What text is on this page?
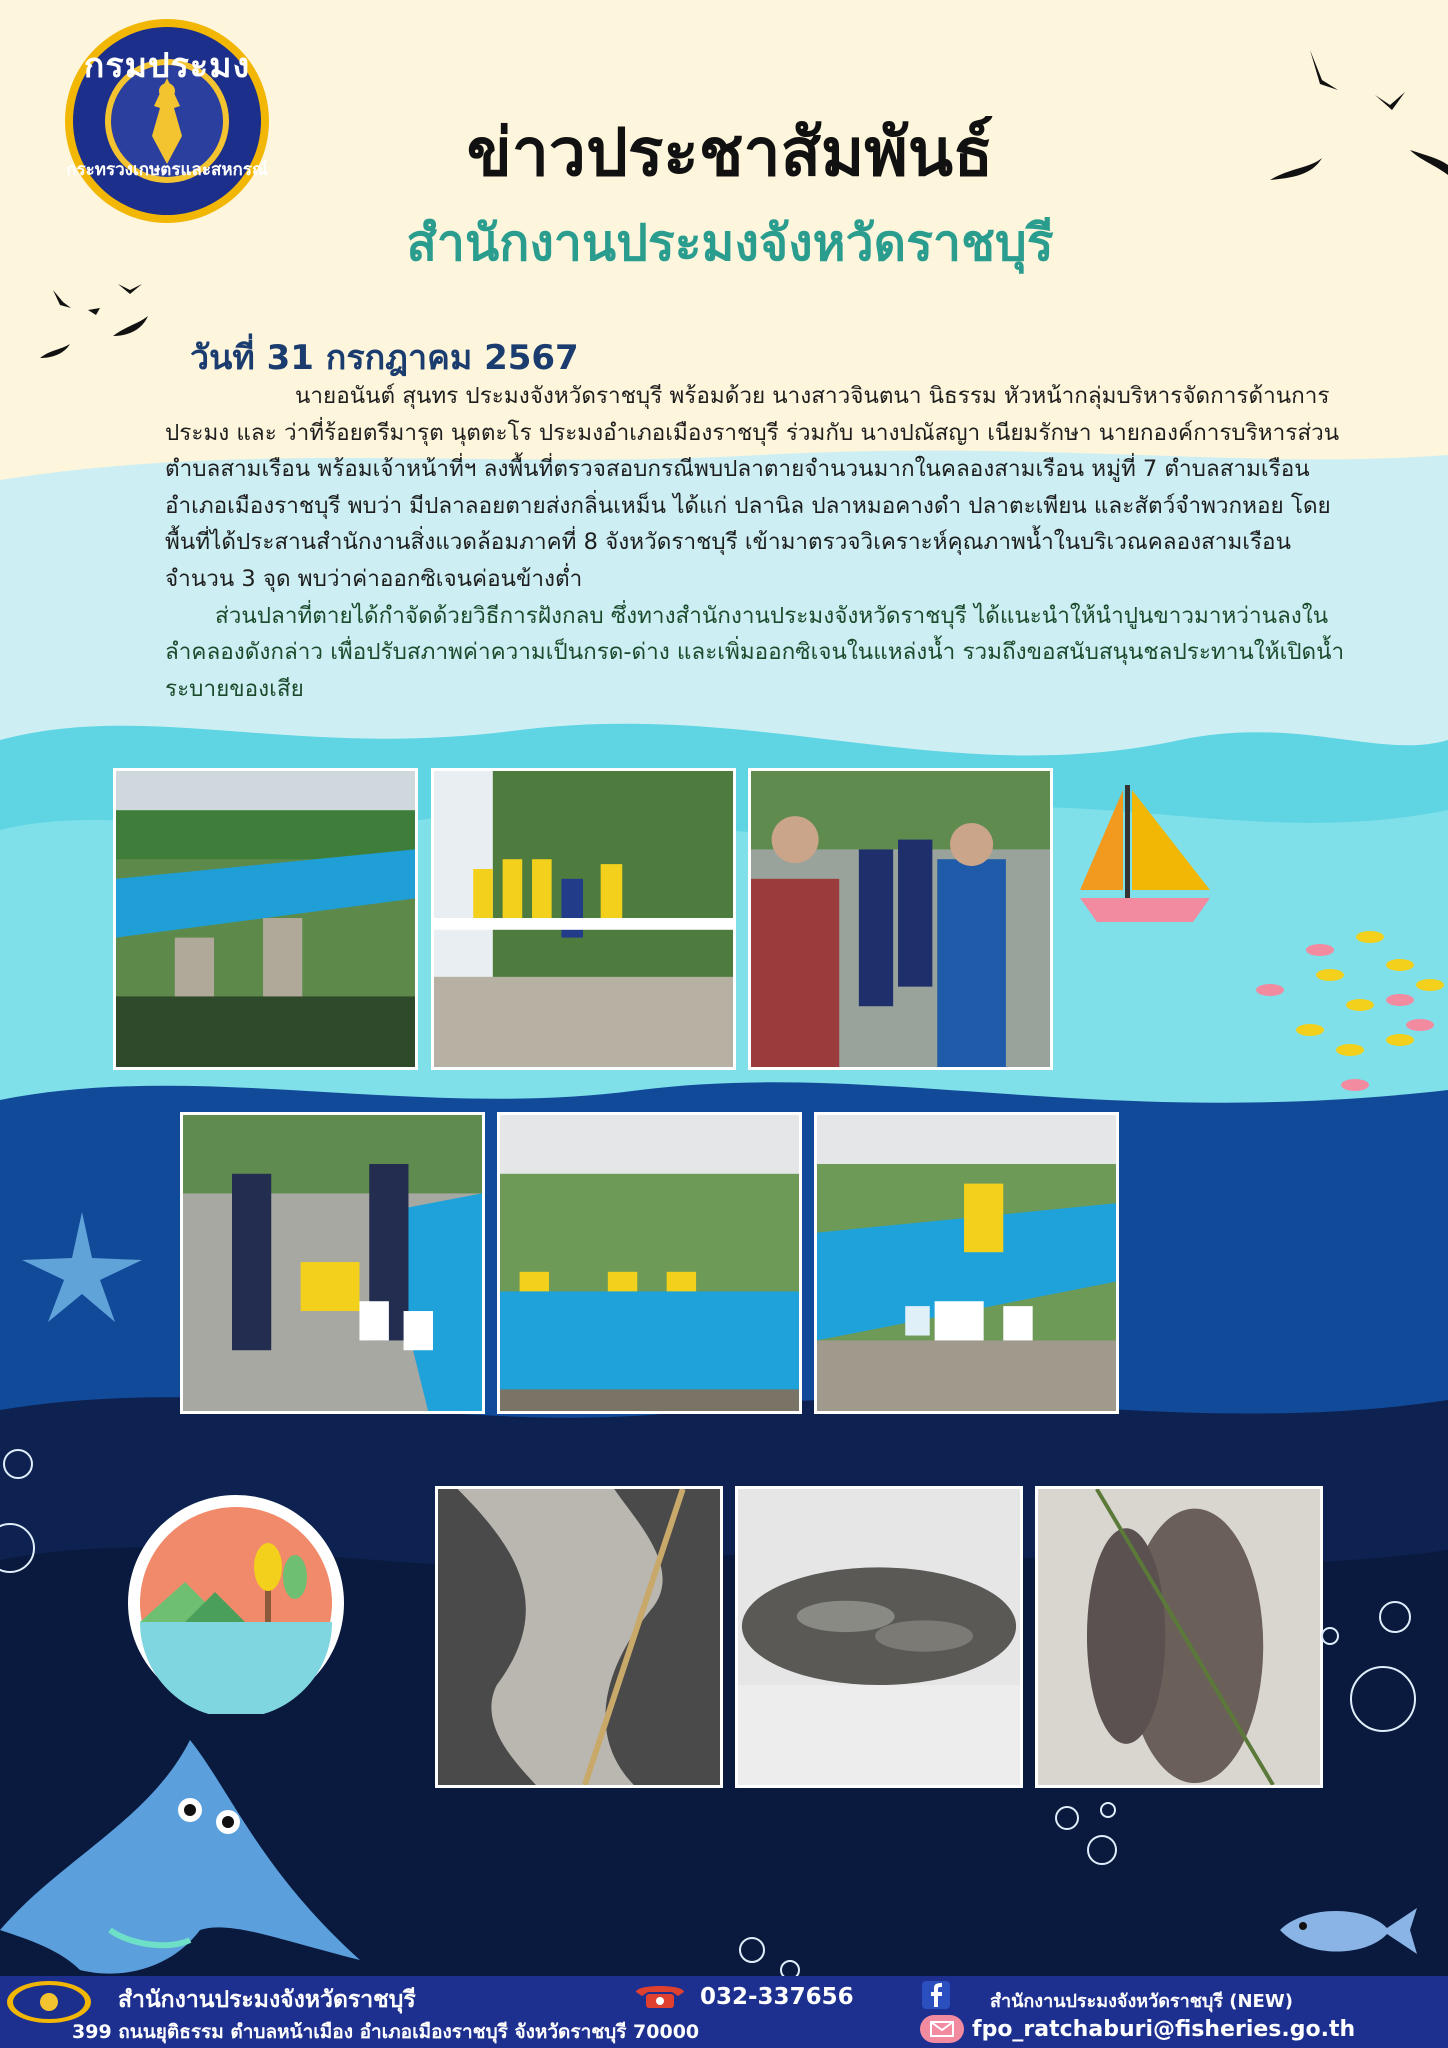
กรมประมง
กระทรวงเกษตรและสหกรณ์	ข่าวประชาสัมพันธ์
สำนักงานประมงจังหวัดราชบุรี
วันที่ 31 กรกฎาคม 2567

นายอนันต์ สุนทร ประมงจังหวัดราชบุรี พร้อมด้วย นางสาวจินตนา นิธรรม หัวหน้ากลุ่มบริหารจัดการด้านการประมง และ ว่าที่ร้อยตรีมารุต นุตตะโร ประมงอำเภอเมืองราชบุรี ร่วมกับ นางปณัสญา เนียมรักษา นายกองค์การบริหารส่วนตำบลสามเรือน พร้อมเจ้าหน้าที่ฯ ลงพื้นที่ตรวจสอบกรณีพบปลาตายจำนวนมากในคลองสามเรือน หมู่ที่ 7 ตำบลสามเรือน อำเภอเมืองราชบุรี พบว่า มีปลาลอยตายส่งกลิ่นเหม็น ได้แก่ ปลานิล ปลาหมอคางดำ ปลาตะเพียน และสัตว์จำพวกหอย โดยพื้นที่ได้ประสานสำนักงานสิ่งแวดล้อมภาคที่ 8 จังหวัดราชบุรี เข้ามาตรวจวิเคราะห์คุณภาพน้ำในบริเวณคลองสามเรือน จำนวน 3 จุด พบว่าค่าออกซิเจนค่อนข้างต่ำ

ส่วนปลาที่ตายได้กำจัดด้วยวิธีการฝังกลบ ซึ่งทางสำนักงานประมงจังหวัดราชบุรี ได้แนะนำให้นำปูนขาวมาหว่านลงในลำคลองดังกล่าว เพื่อปรับสภาพค่าความเป็นกรด-ด่าง และเพิ่มออกซิเจนในแหล่งน้ำ รวมถึงขอสนับสนุนชลประทานให้เปิดน้ำระบายของเสีย

สำนักงานประมงจังหวัดราชบุรี
399 ถนนยุติธรรม ตำบลหน้าเมือง อำเภอเมืองราชบุรี จังหวัดราชบุรี 70000
032-337656	สำนักงานประมงจังหวัดราชบุรี (NEW)
fpo_ratchaburi@fisheries.go.th
